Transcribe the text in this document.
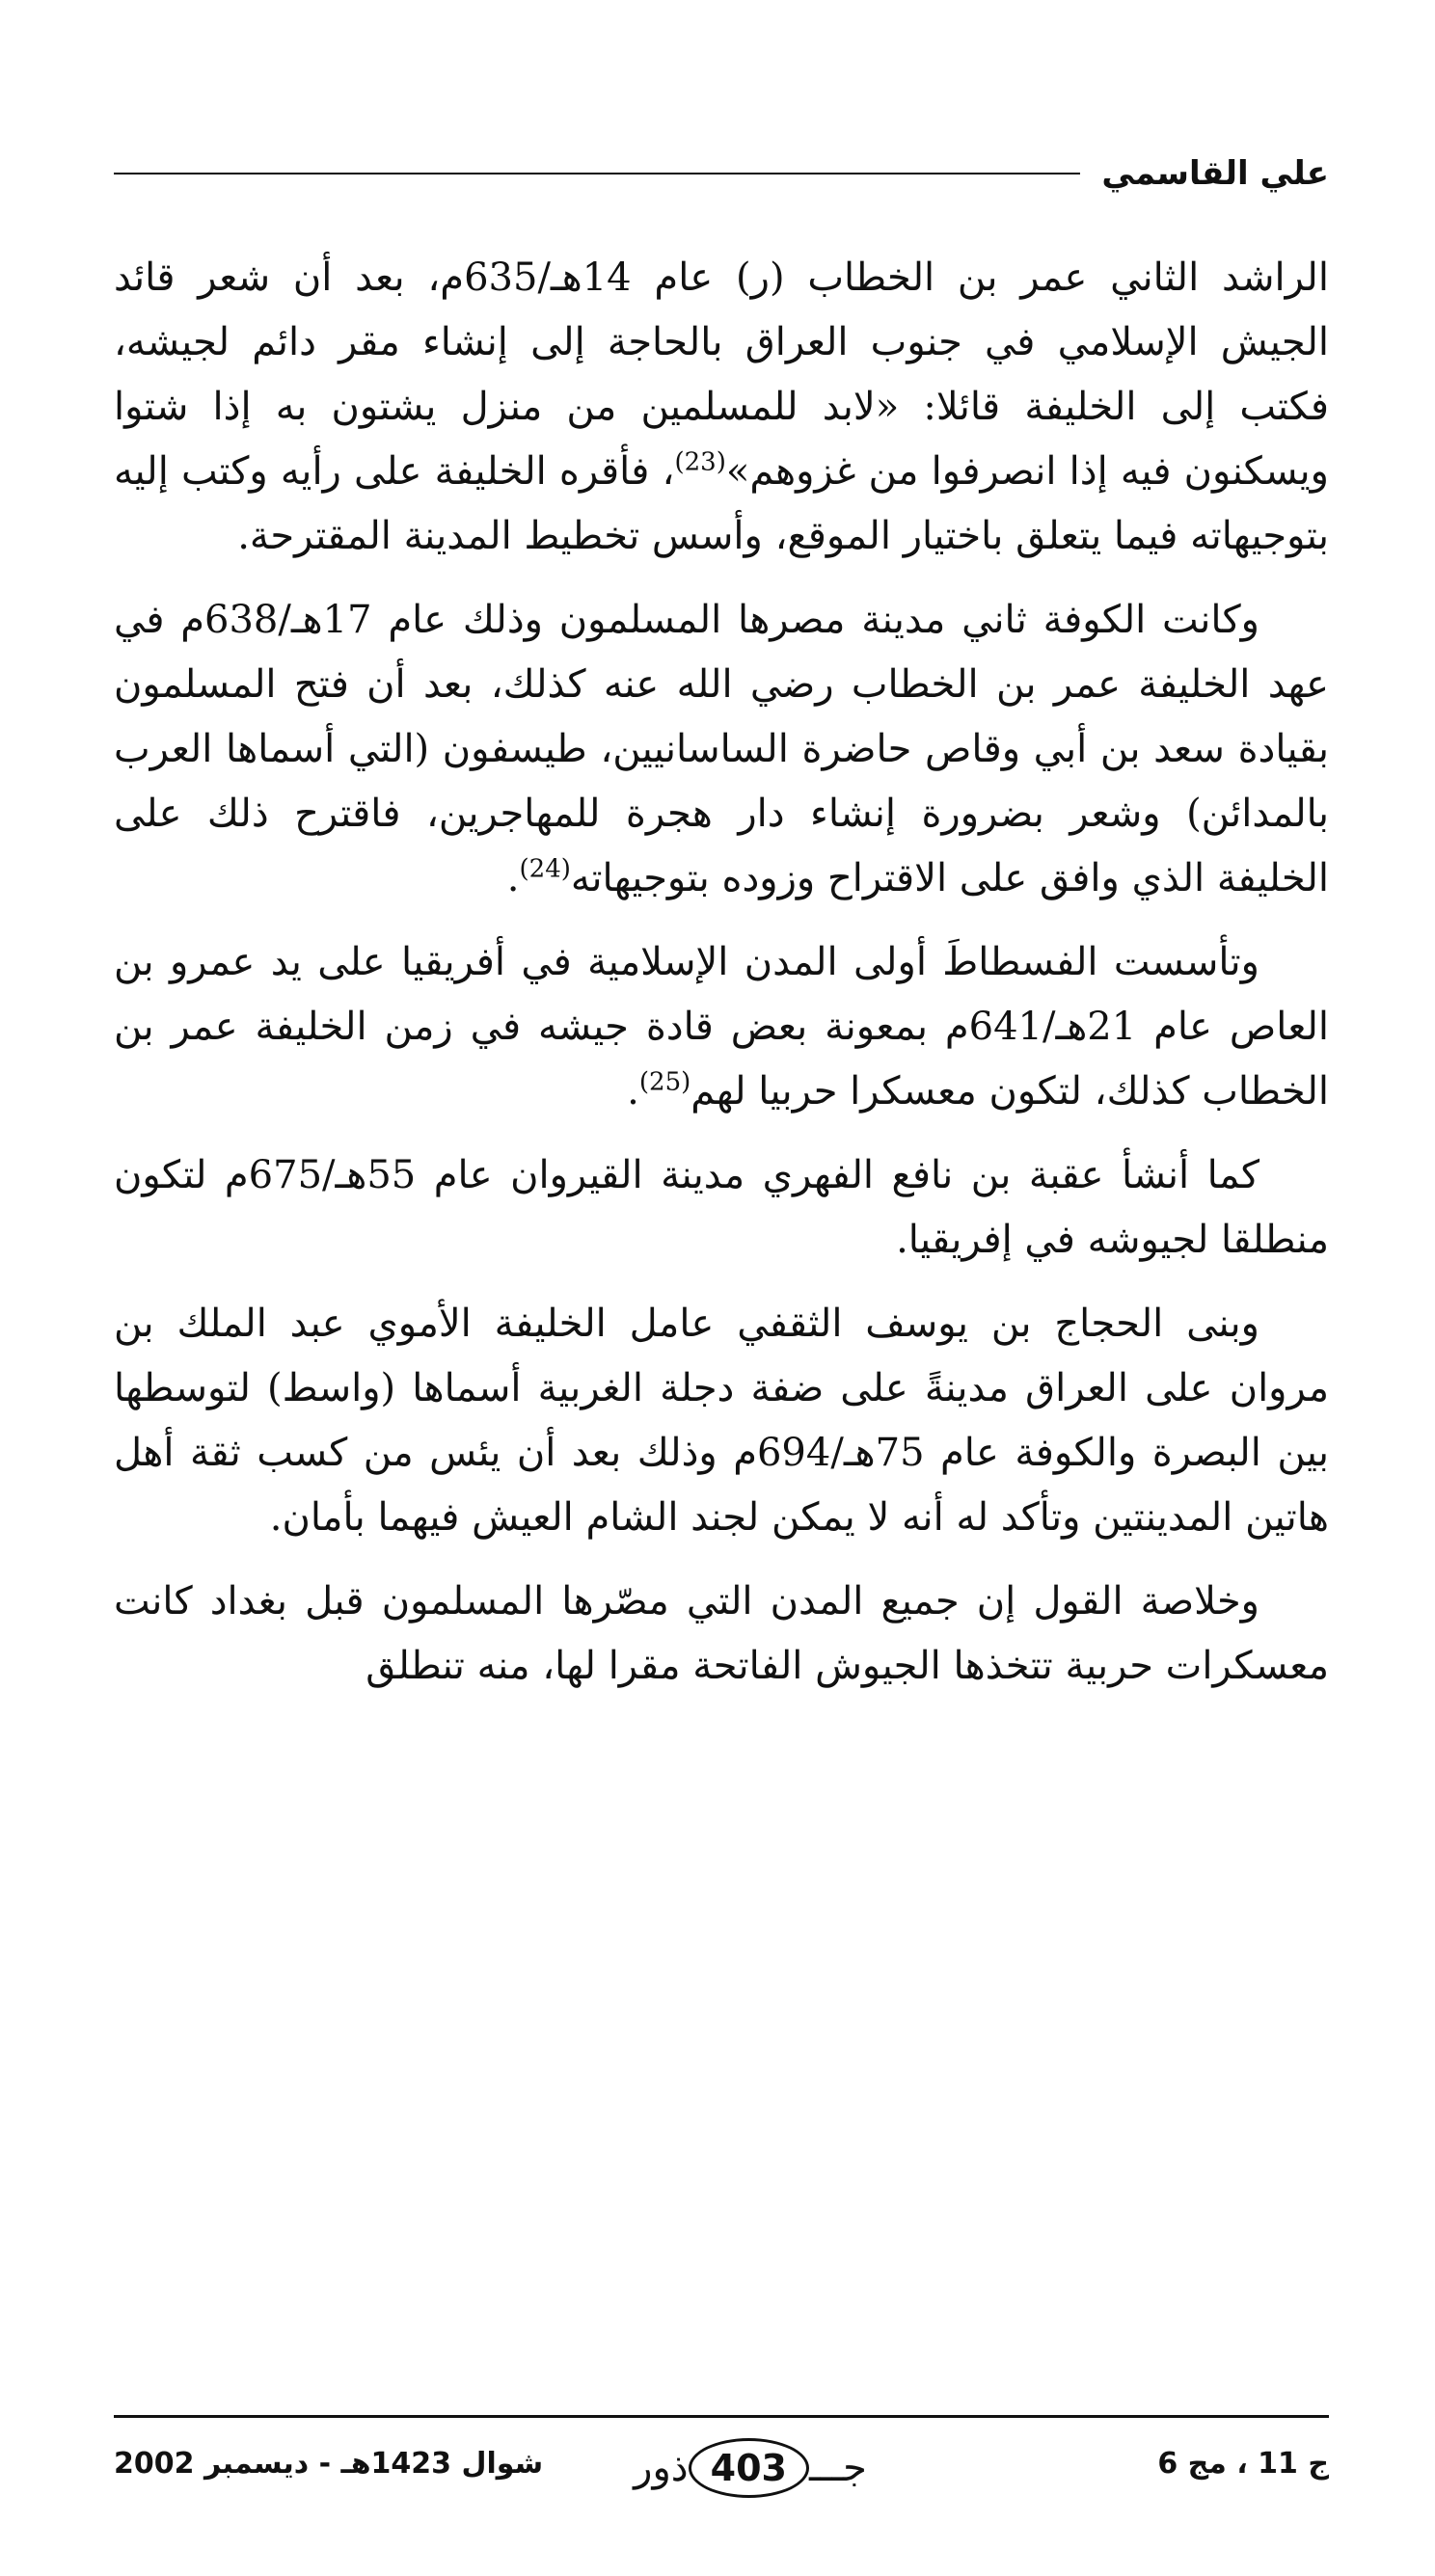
علي القاسمي

الراشد الثاني عمر بن الخطاب (ر) عام 14هـ/635م، بعد أن شعر قائد الجيش الإسلامي في جنوب العراق بالحاجة إلى إنشاء مقر دائم لجيشه، فكتب إلى الخليفة قائلا: «لابد للمسلمين من منزل يشتون به إذا شتوا ويسكنون فيه إذا انصرفوا من غزوهم»$^{(23)}$، فأقره الخليفة على رأيه وكتب إليه بتوجيهاته فيما يتعلق باختيار الموقع، وأسس تخطيط المدينة المقترحة.

وكانت الكوفة ثاني مدينة مصرها المسلمون وذلك عام 17هـ/638م في عهد الخليفة عمر بن الخطاب رضي الله عنه كذلك، بعد أن فتح المسلمون بقيادة سعد بن أبي وقاص حاضرة الساسانيين، طيسفون (التي أسماها العرب بالمدائن) وشعر بضرورة إنشاء دار هجرة للمهاجرين، فاقترح ذلك على الخليفة الذي وافق على الاقتراح وزوده بتوجيهاته$^{(24)}$.

وتأسست الفسطاطَ أولى المدن الإسلامية في أفريقيا على يد عمرو بن العاص عام 21هـ/641م بمعونة بعض قادة جيشه في زمن الخليفة عمر بن الخطاب كذلك، لتكون معسكرا حربيا لهم$^{(25)}$.

كما أنشأ عقبة بن نافع الفهري مدينة القيروان عام 55هـ/675م لتكون منطلقا لجيوشه في إفريقيا.

وبنى الحجاج بن يوسف الثقفي عامل الخليفة الأموي عبد الملك بن مروان على العراق مدينةً على ضفة دجلة الغربية أسماها (واسط) لتوسطها بين البصرة والكوفة عام 75هـ/694م وذلك بعد أن يئس من كسب ثقة أهل هاتين المدينتين وتأكد له أنه لا يمكن لجند الشام العيش فيهما بأمان.

وخلاصة القول إن جميع المدن التي مصّرها المسلمون قبل بغداد كانت معسكرات حربية تتخذها الجيوش الفاتحة مقرا لها، منه تنطلق

ج 11 ، مج 6
جـــ
403
ذور
شوال 1423هـ - ديسمبر 2002
